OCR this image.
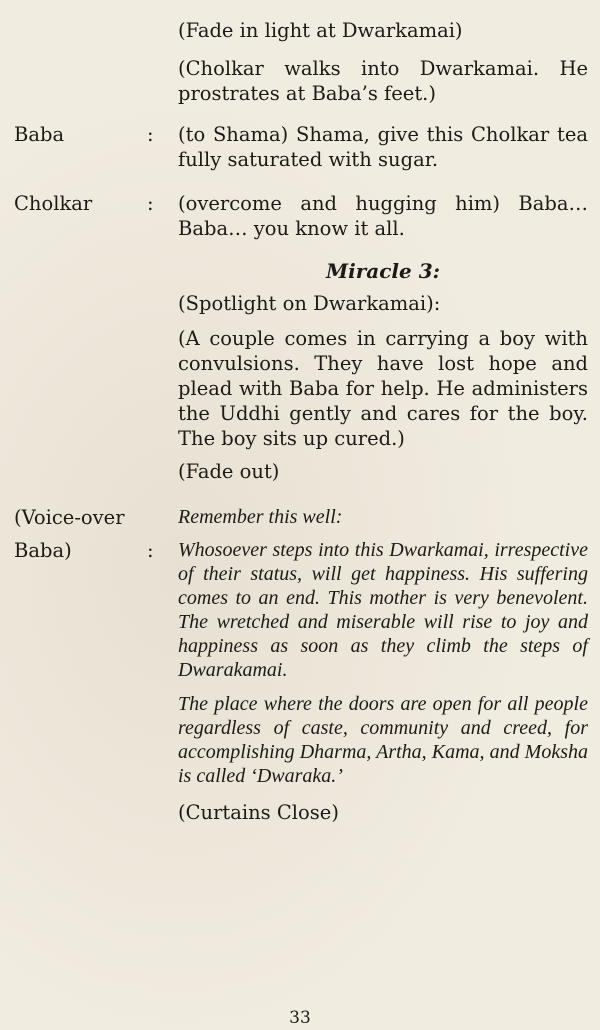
(Fade in light at Dwarkamai)
(Cholkar walks into Dwarkamai. He prostrates at Baba’s feet.)
Baba	: (to Shama) Shama, give this Cholkar tea fully saturated with sugar.
Cholkar	: (overcome and hugging him) Baba… Baba… you know it all.
Miracle 3:
(Spotlight on Dwarkamai):
(A couple comes in carrying a boy with convulsions. They have lost hope and plead with Baba for help. He administers the Uddhi gently and cares for the boy. The boy sits up cured.)
(Fade out)
(Voice-over	Remember this well:
Baba)	: Whosoever steps into this Dwarkamai, irrespective of their status, will get happiness. His suffering comes to an end. This mother is very benevolent. The wretched and miserable will rise to joy and happiness as soon as they climb the steps of Dwarakamai.
The place where the doors are open for all people regardless of caste, community and creed, for accomplishing Dharma, Artha, Kama, and Moksha is called ‘Dwaraka.’
(Curtains Close)
33
